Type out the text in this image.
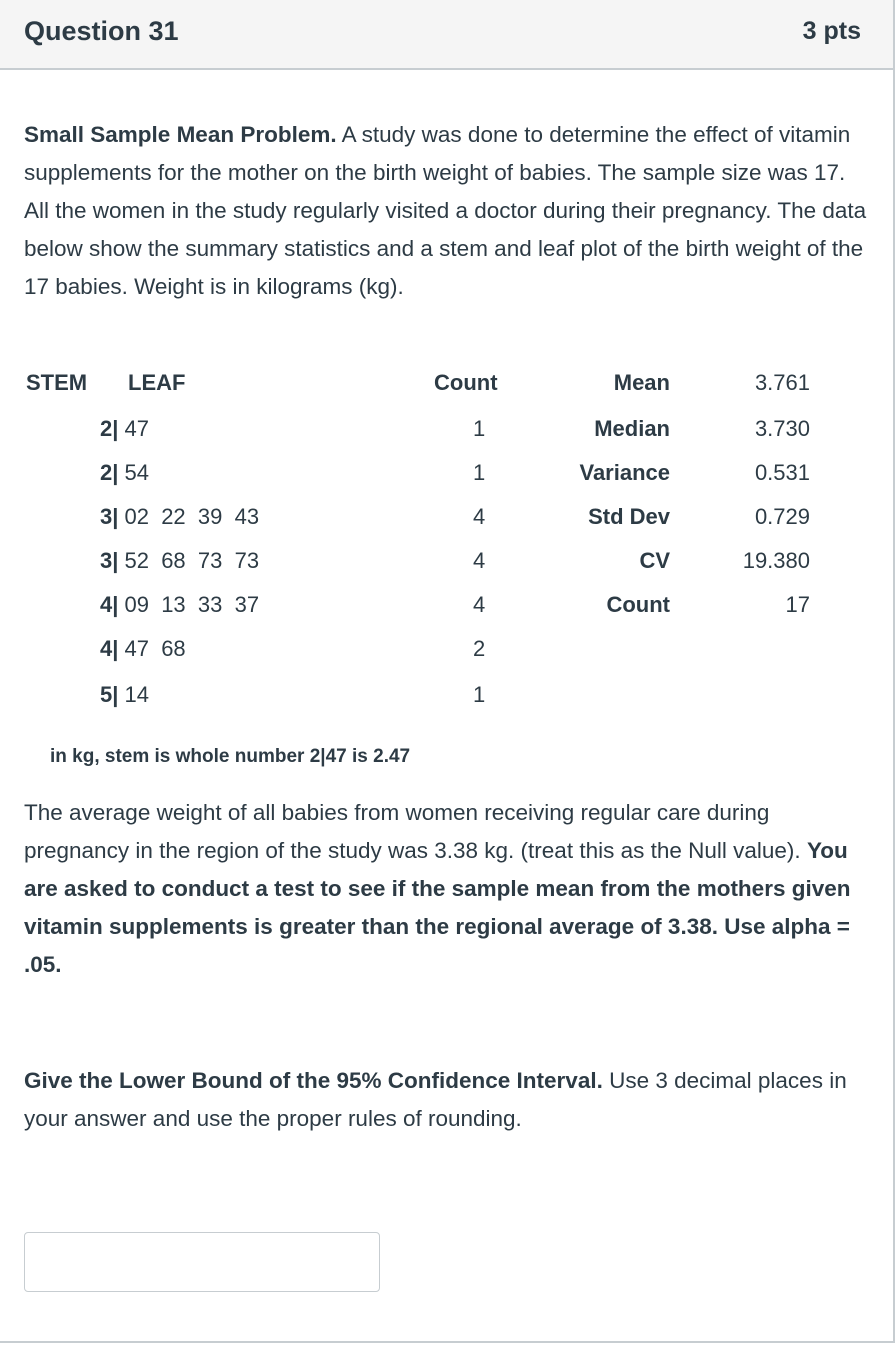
Question 31	3 pts
Small Sample Mean Problem. A study was done to determine the effect of vitamin supplements for the mother on the birth weight of babies. The sample size was 17. All the women in the study regularly visited a doctor during their pregnancy. The data below show the summary statistics and a stem and leaf plot of the birth weight of the 17 babies. Weight is in kilograms (kg).
STEM LEAF	Count
2| 47	1
2| 54	1
3| 02  22  39  43	4
3| 52  68  73  73	4
4| 09  13  33  37	4
4| 47  68	2
5| 14	1
Mean	3.761
Median	3.730
Variance	0.531
Std Dev	0.729
CV	19.380
Count	17
in kg, stem is whole number 2|47 is 2.47
The average weight of all babies from women receiving regular care during pregnancy in the region of the study was 3.38 kg. (treat this as the Null value). You are asked to conduct a test to see if the sample mean from the mothers given vitamin supplements is greater than the regional average of 3.38. Use alpha = .05.
Give the Lower Bound of the 95% Confidence Interval. Use 3 decimal places in your answer and use the proper rules of rounding.
